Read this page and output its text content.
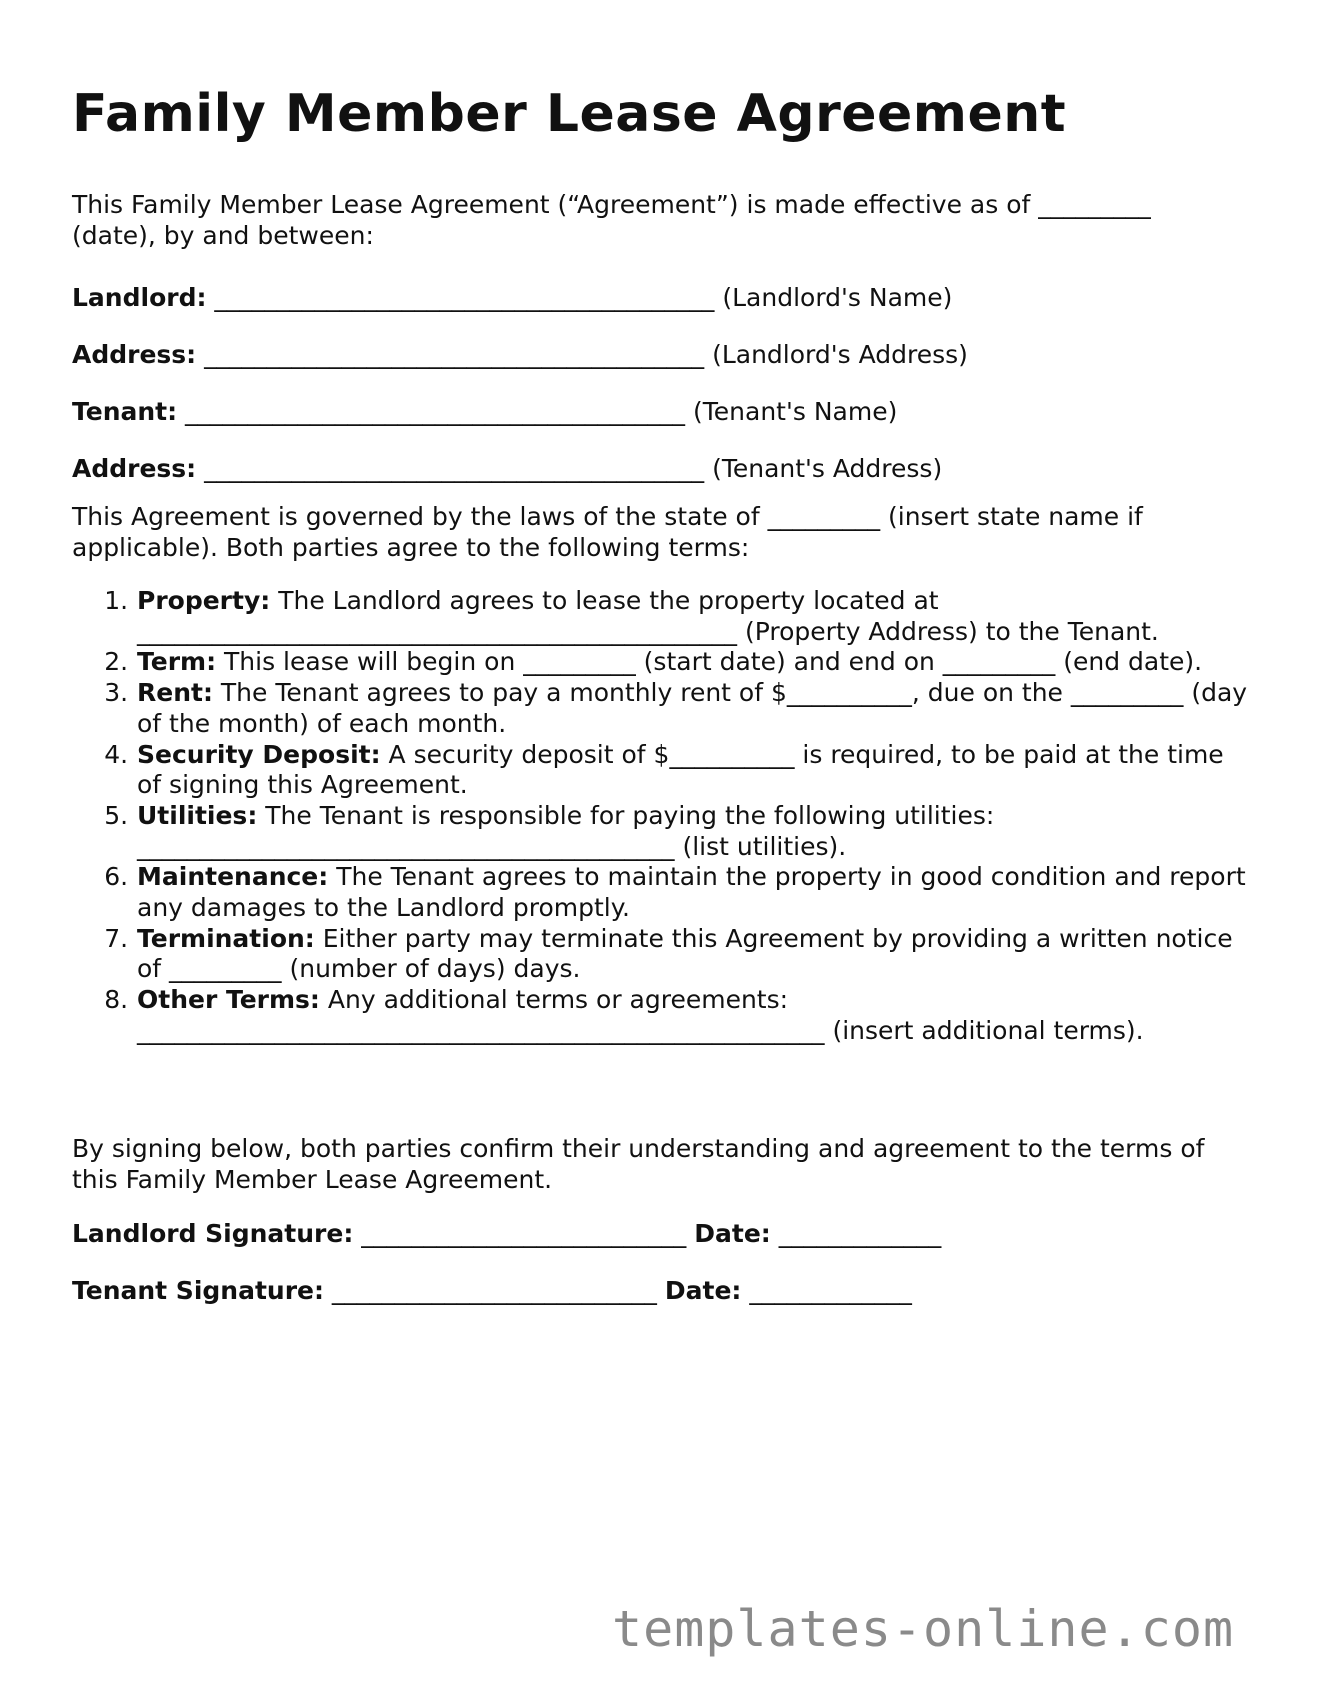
Family Member Lease Agreement
This Family Member Lease Agreement (“Agreement”) is made effective as of _________ (date), by and between:
Landlord: ________________________________________ (Landlord's Name)
Address: ________________________________________ (Landlord's Address)
Tenant: ________________________________________ (Tenant's Name)
Address: ________________________________________ (Tenant's Address)
This Agreement is governed by the laws of the state of _________ (insert state name if applicable). Both parties agree to the following terms:
1. Property: The Landlord agrees to lease the property located at ________________________________________________ (Property Address) to the Tenant.
2. Term: This lease will begin on _________ (start date) and end on _________ (end date).
3. Rent: The Tenant agrees to pay a monthly rent of $__________, due on the _________ (day of the month) of each month.
4. Security Deposit: A security deposit of $__________ is required, to be paid at the time of signing this Agreement.
5. Utilities: The Tenant is responsible for paying the following utilities: ___________________________________________ (list utilities).
6. Maintenance: The Tenant agrees to maintain the property in good condition and report any damages to the Landlord promptly.
7. Termination: Either party may terminate this Agreement by providing a written notice of _________ (number of days) days.
8. Other Terms: Any additional terms or agreements: _______________________________________________________ (insert additional terms).
By signing below, both parties confirm their understanding and agreement to the terms of this Family Member Lease Agreement.
Landlord Signature: __________________________ Date: _____________
Tenant Signature: __________________________ Date: _____________
templates-online.com
